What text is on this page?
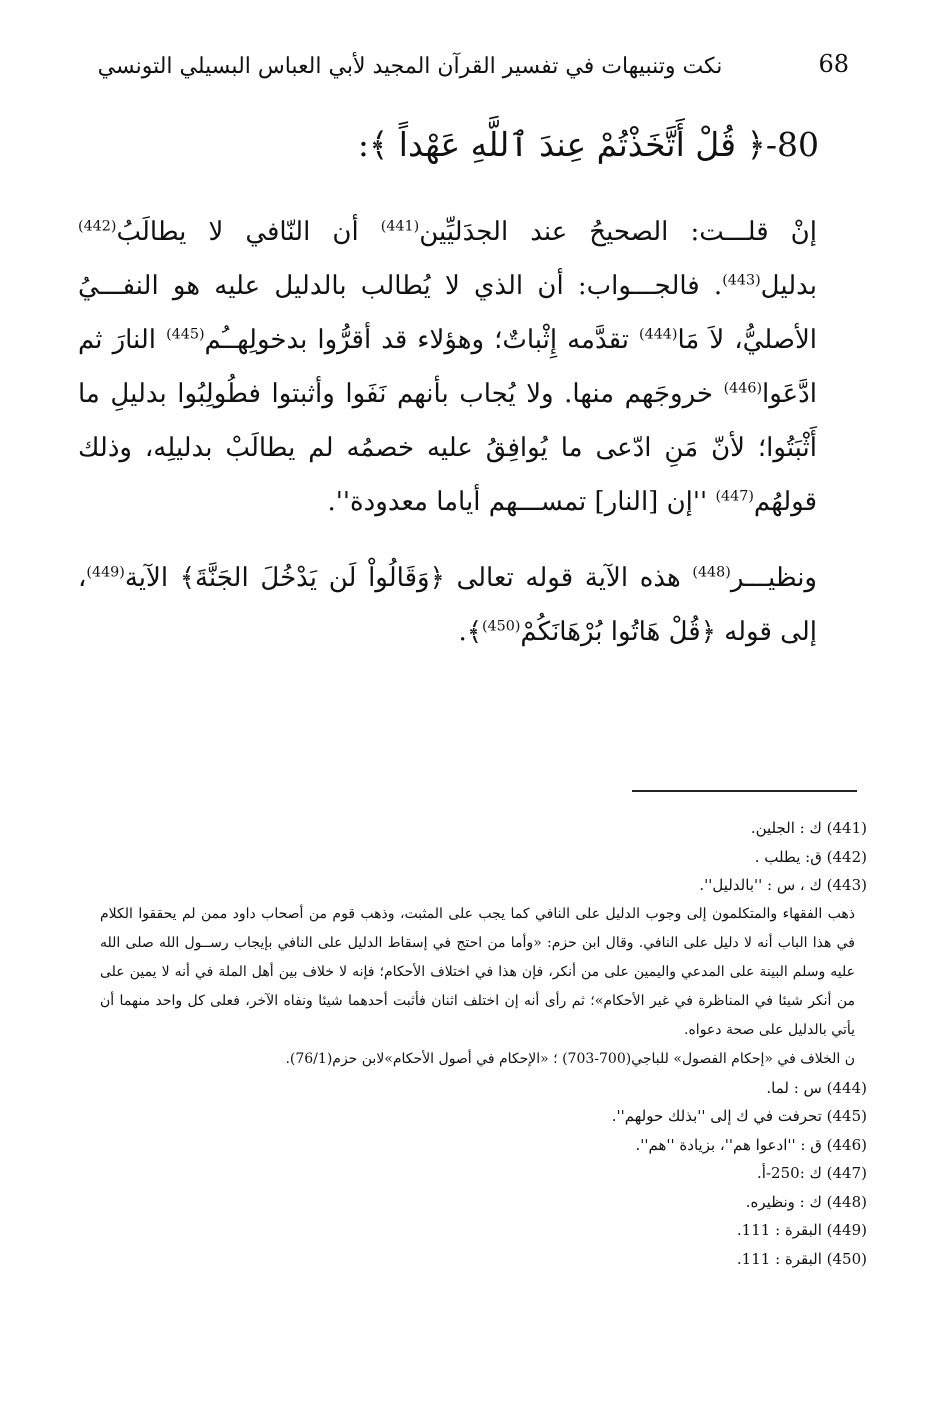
68
نكت وتنبيهات في تفسير القرآن المجيد لأبي العباس البسيلي التونسي
80-﴿ قُلْ أَتَّخَذْتُمْ عِندَ ٱللَّهِ عَهْداً ﴾:

إنْ قلـــت: الصحيحُ عند الجدَليِّين$^{(441)}$ أن النّافي لا يطالَبُ$^{(442)}$ بدليل$^{(443)}$. فالجـــواب: أن الذي لا يُطالب بالدليل عليه هو النفـــيُ الأصليُّ، لاَ مَا$^{(444)}$ تقدَّمه إِثْباتٌ؛ وهؤلاء قد أقرُّوا بدخولِهــُم$^{(445)}$ النارَ ثم ادَّعَوا$^{(446)}$ خروجَهم منها. ولا يُجاب بأنهم نَفَوا وأثبتوا فطُولِبُوا بدليلِ ما أَثْبَتُوا؛ لأنّ مَنِ ادّعى ما يُوافِقُ عليه خصمُه لم يطالَبْ بدليلِه، وذلك قولهُم$^{(447)}$ ''إن [النار] تمســـهم أياما معدودة''.

ونظيـــر$^{(448)}$ هذه الآية قوله تعالى ﴿وَقَالُواْ لَن يَدْخُلَ الجَنَّةَ﴾ الآية$^{(449)}$، إلى قوله ﴿قُلْ هَاتُوا بُرْهَانَكُمْ$^{(450)}$﴾.

(441) ك : الجلين.

(442) ق: يطلب .

(443) ك ، س : ''بالدليل''.

ذهب الفقهاء والمتكلمون إلى وجوب الدليل على النافي كما يجب على المثبت، وذهب قوم من أصحاب داود ممن لم يحققوا الكلام في هذا الباب أنه لا دليل على النافي. وقال ابن حزم: «وأما من احتج في إسقاط الدليل على النافي بإيجاب رســول الله صلى الله عليه وسلم البينة على المدعي واليمين على من أنكر، فإن هذا في اختلاف الأحكام؛ فإنه لا خلاف بين أهل الملة في أنه لا يمين على من أنكر شيئا في المناظرة في غير الأحكام»؛ ثم رأى أنه إن اختلف اثنان فأثبت أحدهما شيئا ونفاه الآخر، فعلى كل واحد منهما أن يأتي بالدليل على صحة دعواه.

ن الخلاف في «إحكام الفصول» للباجي(700-703) ؛ «الإحكام في أصول الأحكام»لابن حزم(76/1).

(444) س : لما.

(445) تحرفت في ك إلى ''بذلك حولهم''.

(446) ق : ''ادعوا هم''، بزيادة ''هم''.

(447) ك :250-أ.

(448) ك : ونظيره.

(449) البقرة : 111.

(450) البقرة : 111.
